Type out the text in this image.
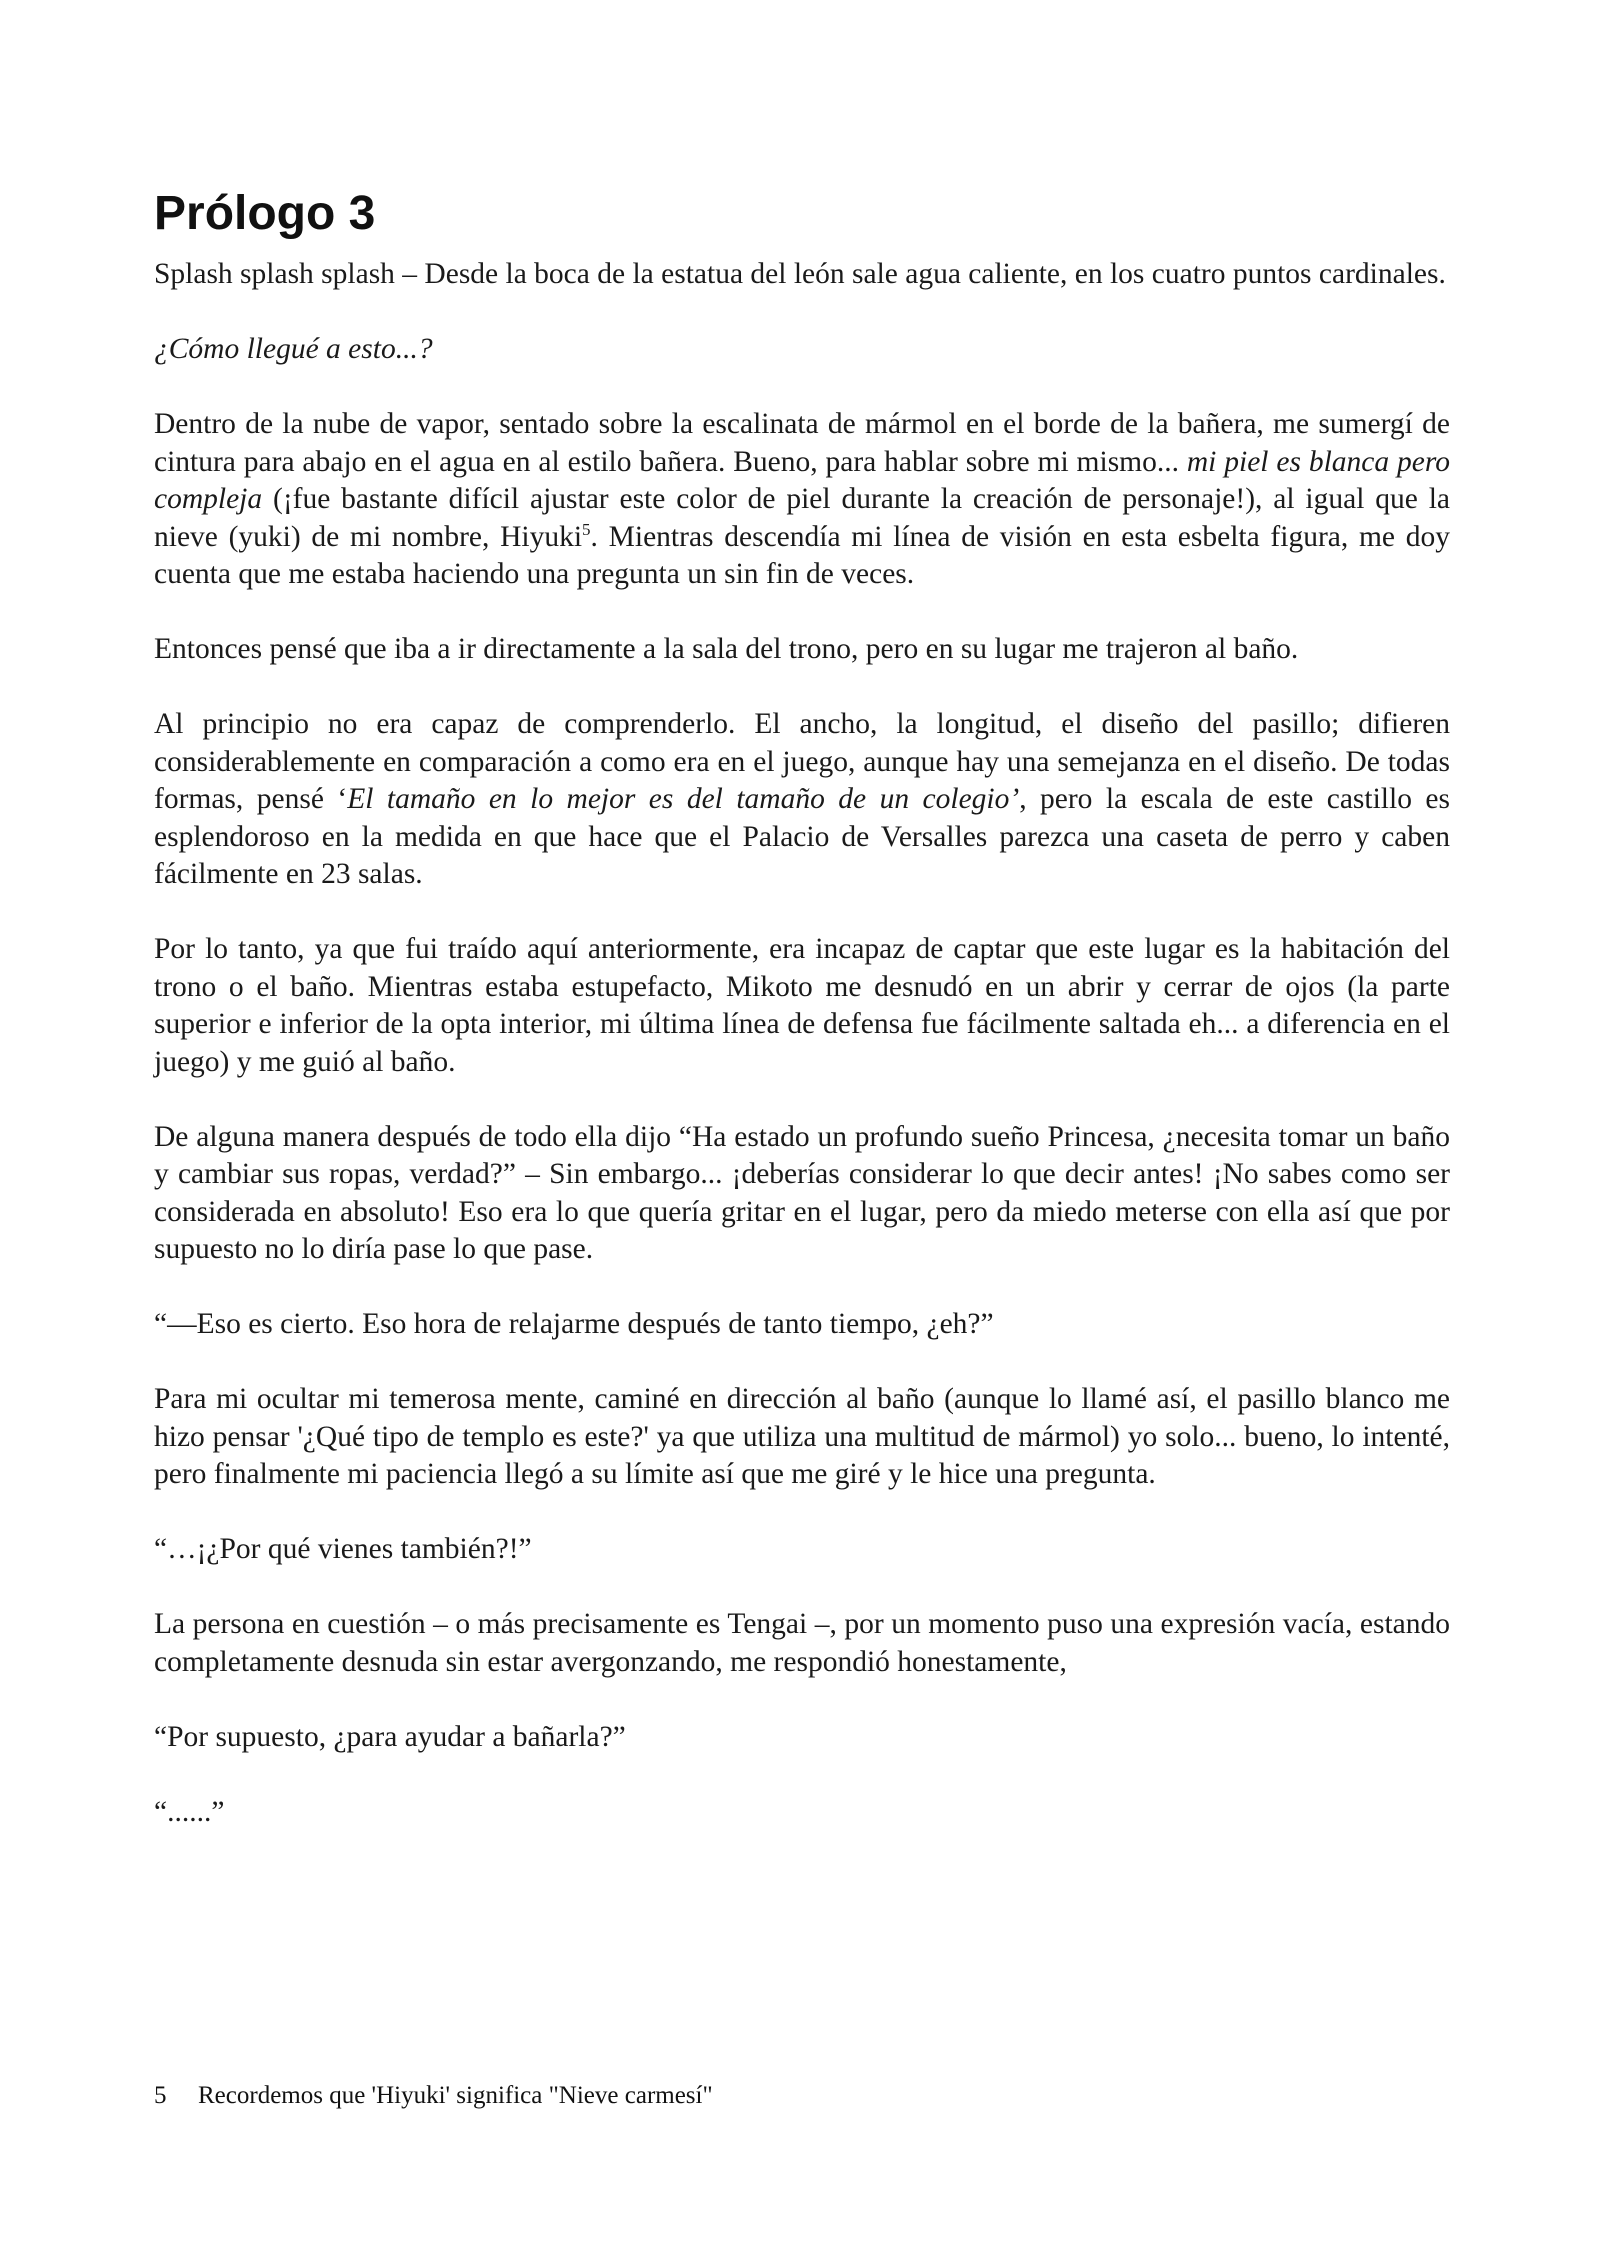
Prólogo 3

Splash splash splash – Desde la boca de la estatua del león sale agua caliente, en los cuatro puntos cardinales.

¿Cómo llegué a esto...?

Dentro de la nube de vapor, sentado sobre la escalinata de mármol en el borde de la bañera, me sumergí de cintura para abajo en el agua en al estilo bañera. Bueno, para hablar sobre mi mismo... mi piel es blanca pero compleja (¡fue bastante difícil ajustar este color de piel durante la creación de personaje!), al igual que la nieve (yuki) de mi nombre, Hiyuki$^5$. Mientras descendía mi línea de visión en esta esbelta figura, me doy cuenta que me estaba haciendo una pregunta un sin fin de veces.

Entonces pensé que iba a ir directamente a la sala del trono, pero en su lugar me trajeron al baño.

Al principio no era capaz de comprenderlo. El ancho, la longitud, el diseño del pasillo; difieren considerablemente en comparación a como era en el juego, aunque hay una semejanza en el diseño. De todas formas, pensé ‘El tamaño en lo mejor es del tamaño de un colegio’, pero la escala de este castillo es esplendoroso en la medida en que hace que el Palacio de Versalles parezca una caseta de perro y caben fácilmente en 23 salas.

Por lo tanto, ya que fui traído aquí anteriormente, era incapaz de captar que este lugar es la habitación del trono o el baño. Mientras estaba estupefacto, Mikoto me desnudó en un abrir y cerrar de ojos (la parte superior e inferior de la opta interior, mi última línea de defensa fue fácilmente saltada eh... a diferencia en el juego) y me guió al baño.

De alguna manera después de todo ella dijo “Ha estado un profundo sueño Princesa, ¿necesita tomar un baño y cambiar sus ropas, verdad?” – Sin embargo... ¡deberías considerar lo que decir antes! ¡No sabes como ser considerada en absoluto! Eso era lo que quería gritar en el lugar, pero da miedo meterse con ella así que por supuesto no lo diría pase lo que pase.

“—Eso es cierto. Eso hora de relajarme después de tanto tiempo, ¿eh?”

Para mi ocultar mi temerosa mente, caminé en dirección al baño (aunque lo llamé así, el pasillo blanco me hizo pensar '¿Qué tipo de templo es este?' ya que utiliza una multitud de mármol) yo solo... bueno, lo intenté, pero finalmente mi paciencia llegó a su límite así que me giré y le hice una pregunta.

“…¡¿Por qué vienes también?!”

La persona en cuestión – o más precisamente es Tengai –, por un momento puso una expresión vacía, estando completamente desnuda sin estar avergonzando, me respondió honestamente,

“Por supuesto, ¿para ayudar a bañarla?”

“......”

5 Recordemos que 'Hiyuki' significa "Nieve carmesí"
